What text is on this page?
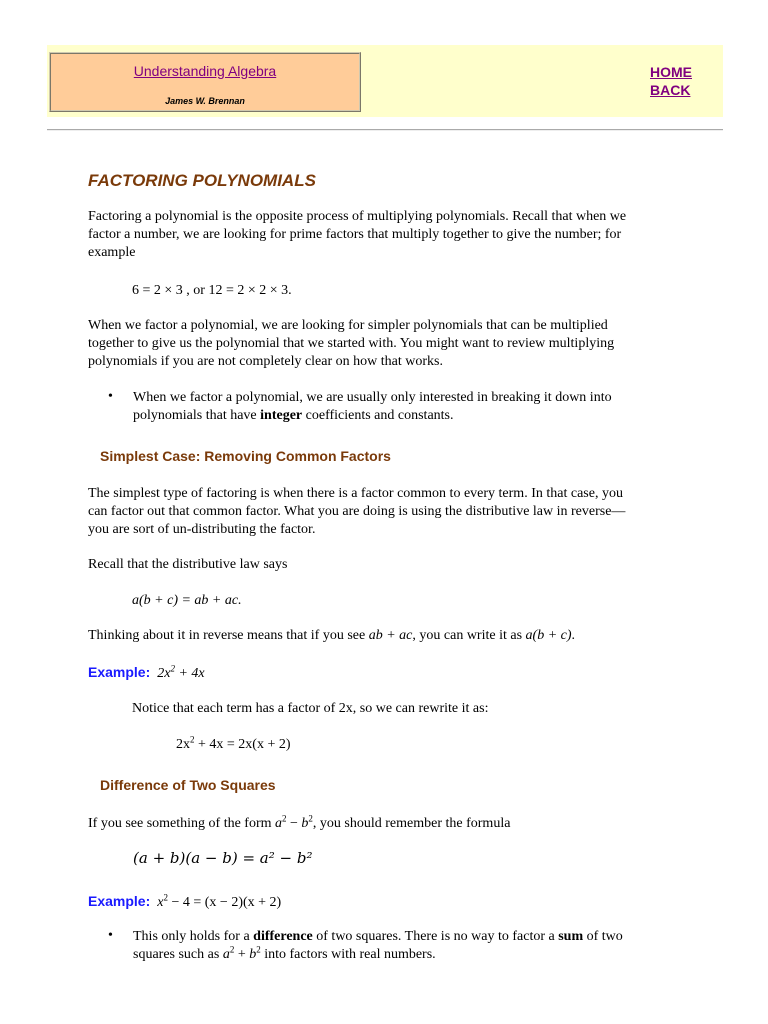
Understanding Algebra
James W. Brennan
HOME
BACK
FACTORING POLYNOMIALS
Factoring a polynomial is the opposite process of multiplying polynomials. Recall that when we
factor a number, we are looking for prime factors that multiply together to give the number; for
example
6 = 2 × 3 , or 12 = 2 × 2 × 3.
When we factor a polynomial, we are looking for simpler polynomials that can be multiplied
together to give us the polynomial that we started with. You might want to review multiplying
polynomials if you are not completely clear on how that works.
• When we factor a polynomial, we are usually only interested in breaking it down into
polynomials that have integer coefficients and constants.
Simplest Case: Removing Common Factors
The simplest type of factoring is when there is a factor common to every term. In that case, you
can factor out that common factor. What you are doing is using the distributive law in reverse—
you are sort of un-distributing the factor.
Recall that the distributive law says
a(b + c) = ab + ac.
Thinking about it in reverse means that if you see ab + ac, you can write it as a(b + c).
Example: $2x^2 + 4x$
Notice that each term has a factor of 2x, so we can rewrite it as:
$2x^2 + 4x = 2x(x + 2)$
Difference of Two Squares
If you see something of the form $a^2 - b^2$, you should remember the formula
(a + b)(a − b) = a² − b²
Example: $x^2 - 4 = (x - 2)(x + 2)$
• This only holds for a difference of two squares. There is no way to factor a sum of two
squares such as $a^2 + b^2$ into factors with real numbers.
